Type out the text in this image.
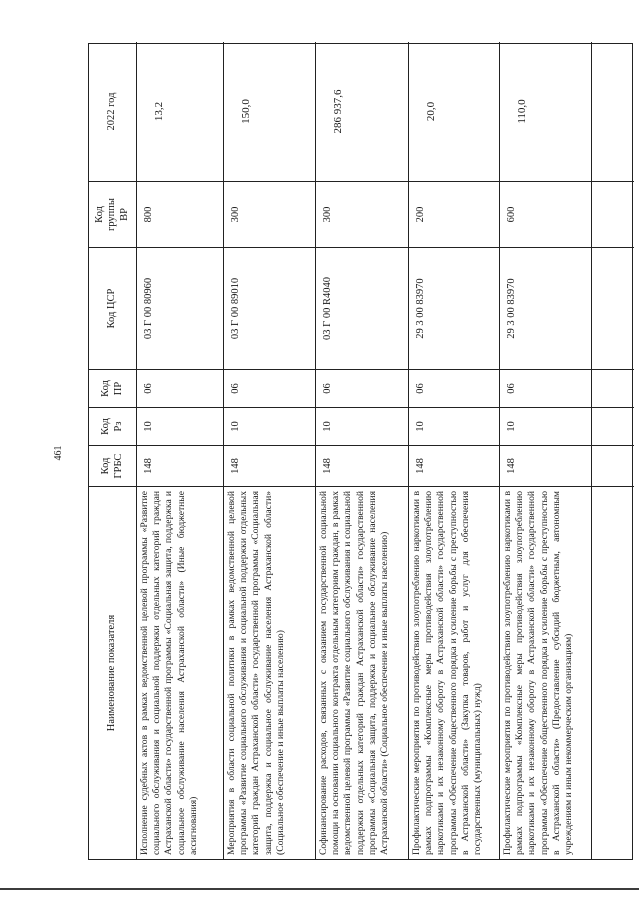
461
Наименование показателя
Код
ГРБС
Код
Рз
Код
ПР
Код ЦСР
Код
группы
ВР
2022 год
Исполнение судебных актов в рамках ведомственной целевой программы «Развитие социального обслуживания и социальной поддержки отдельных категорий граждан Астраханской области» государственной программы «Социальная защита, поддержка и социальное обслуживание населения Астраханской области» (Иные бюджетные ассигнования)
148
10
06
03 Г 00 80960
800
13,2
Мероприятия в области социальной политики в рамках ведомственной целевой программы «Развитие социального обслуживания и социальной поддержки отдельных категорий граждан Астраханской области» государственной программы «Социальная защита, поддержка и социальное обслуживание населения Астраханской области» (Социальное обеспечение и иные выплаты населению)
148
10
06
03 Г 00 89010
300
150,0
Софинансирование расходов, связанных с оказанием государственной социальной помощи на основании социального контракта отдельным категориям граждан, в рамках ведомственной целевой программы «Развитие социального обслуживания и социальной поддержки отдельных категорий граждан Астраханской области» государственной программы «Социальная защита, поддержка и социальное обслуживание населения Астраханской области» (Социальное обеспечение и иные выплаты населению)
148
10
06
03 Г 00 R4040
300
286 937,6
Профилактические мероприятия по противодействию злоупотреблению наркотиками в рамках подпрограммы «Комплексные меры противодействия злоупотреблению наркотиками и их незаконному обороту в Астраханской области» государственной программы «Обеспечение общественного порядка и усиление борьбы с преступностью в Астраханской области» (Закупка товаров, работ и услуг для обеспечения государственных (муниципальных) нужд)
148
10
06
29 3 00 83970
200
20,0
Профилактические мероприятия по противодействию злоупотреблению наркотиками в рамках подпрограммы «Комплексные меры противодействия злоупотреблению наркотиками и их незаконному обороту в Астраханской области» государственной программы «Обеспечение общественного порядка и усиление борьбы с преступностью в Астраханской области» (Предоставление субсидий бюджетным, автономным учреждениям и иным некоммерческим организациям)
148
10
06
29 3 00 83970
600
110,0
